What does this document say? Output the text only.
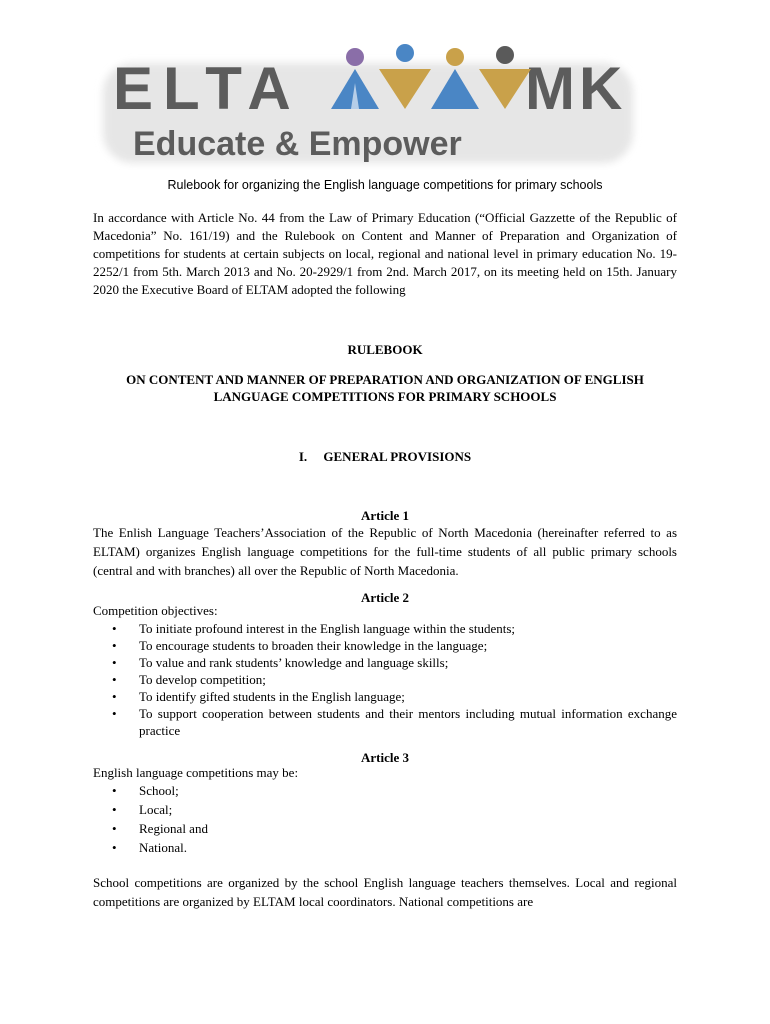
ELTA	MK
Educate & Empower
Rulebook for organizing the English language competitions for primary schools
In accordance with Article No. 44 from the Law of Primary Education (“Official Gazzette of the Republic of Macedonia” No. 161/19) and the Rulebook on Content and Manner of Preparation and Organization of competitions for students at certain subjects on local, regional and national level in primary education No. 19-2252/1 from 5th. March 2013 and No. 20-2929/1 from 2nd. March 2017, on its meeting held on 15th. January 2020 the Executive Board of ELTAM adopted the following
RULEBOOK
ON CONTENT AND MANNER OF PREPARATION AND ORGANIZATION OF ENGLISH
LANGUAGE COMPETITIONS FOR PRIMARY SCHOOLS
I.     GENERAL PROVISIONS
Article 1
The Enlish Language Teachers’Association of the Republic of North Macedonia (hereinafter referred to as ELTAM) organizes English language competitions for the full-time students of all public primary schools (central and with branches) all over the Republic of North Macedonia.
Article 2
Competition objectives:
•	To initiate profound interest in the English language within the students;
•	To encourage students to broaden their knowledge in the language;
•	To value and rank students’ knowledge and language skills;
•	To develop competition;
•	To identify gifted students in the English language;
•	To support cooperation between students and their mentors including mutual information exchange practice
Article 3
English language competitions may be:
•	School;
•	Local;
•	Regional and
•	National.
School competitions are organized by the school English language teachers themselves. Local and regional competitions are organized by ELTAM local coordinators. National competitions are
